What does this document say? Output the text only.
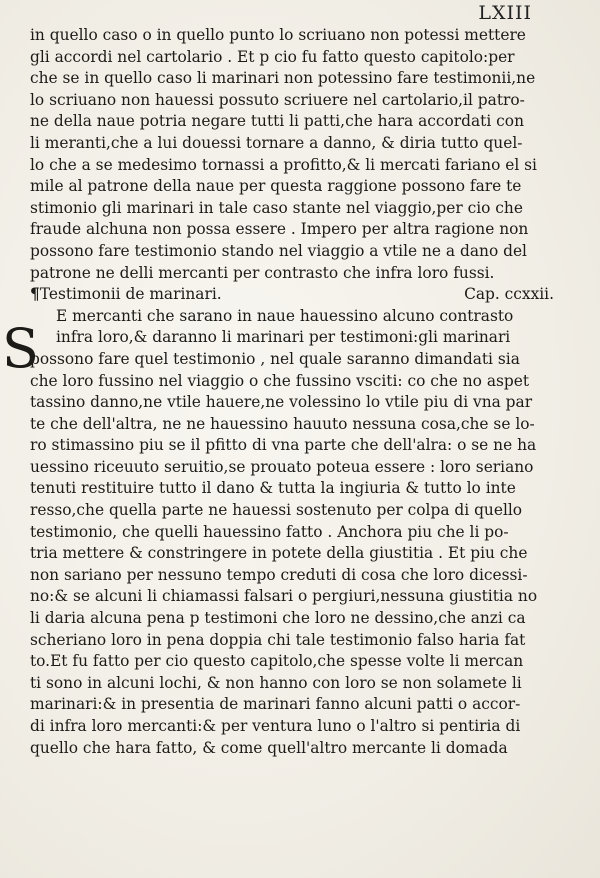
LXIII
S
in quello caso o in quello punto lo scriuano non potessi mettere
gli accordi nel cartolario . Et p cio fu fatto questo capitolo:per
che se in quello caso li marinari non potessino fare testimonii,ne
lo scriuano non hauessi possuto scriuere nel cartolario,il patro-
ne della naue potria negare tutti li patti,che hara accordati con
li meranti,che a lui douessi tornare a danno, & diria tutto quel-
lo che a se medesimo tornassi a profitto,& li mercati fariano el si
mile al patrone della naue per questa raggione possono fare te
stimonio gli marinari in tale caso stante nel viaggio,per cio che
fraude alchuna non possa essere . Impero per altra ragione non
possono fare testimonio stando nel viaggio a vtile ne a dano del
patrone ne delli mercanti per contrasto che infra loro fussi.
¶Testimonii de marinari.	Cap. ccxxii.
E mercanti che sarano in naue hauessino alcuno contrasto
infra loro,& daranno li marinari per testimoni:gli marinari
possono fare quel testimonio , nel quale saranno dimandati sia
che loro fussino nel viaggio o che fussino vsciti: co che no aspet
tassino danno,ne vtile hauere,ne volessino lo vtile piu di vna par
te che dell'altra, ne ne hauessino hauuto nessuna cosa,che se lo-
ro stimassino piu se il pfitto di vna parte che dell'alra: o se ne ha
uessino riceuuto seruitio,se prouato poteua essere : loro seriano
tenuti restituire tutto il dano & tutta la ingiuria & tutto lo inte
resso,che quella parte ne hauessi sostenuto per colpa di quello
testimonio, che quelli hauessino fatto . Anchora piu che li po-
tria mettere & constringere in potete della giustitia . Et piu che
non sariano per nessuno tempo creduti di cosa che loro dicessi-
no:& se alcuni li chiamassi falsari o pergiuri,nessuna giustitia no
li daria alcuna pena p testimoni che loro ne dessino,che anzi ca
scheriano loro in pena doppia chi tale testimonio falso haria fat
to.Et fu fatto per cio questo capitolo,che spesse volte li mercan
ti sono in alcuni lochi, & non hanno con loro se non solamete li
marinari:& in presentia de marinari fanno alcuni patti o accor-
di infra loro mercanti:& per ventura luno o l'altro si pentiria di
quello che hara fatto, & come quell'altro mercante li domada
